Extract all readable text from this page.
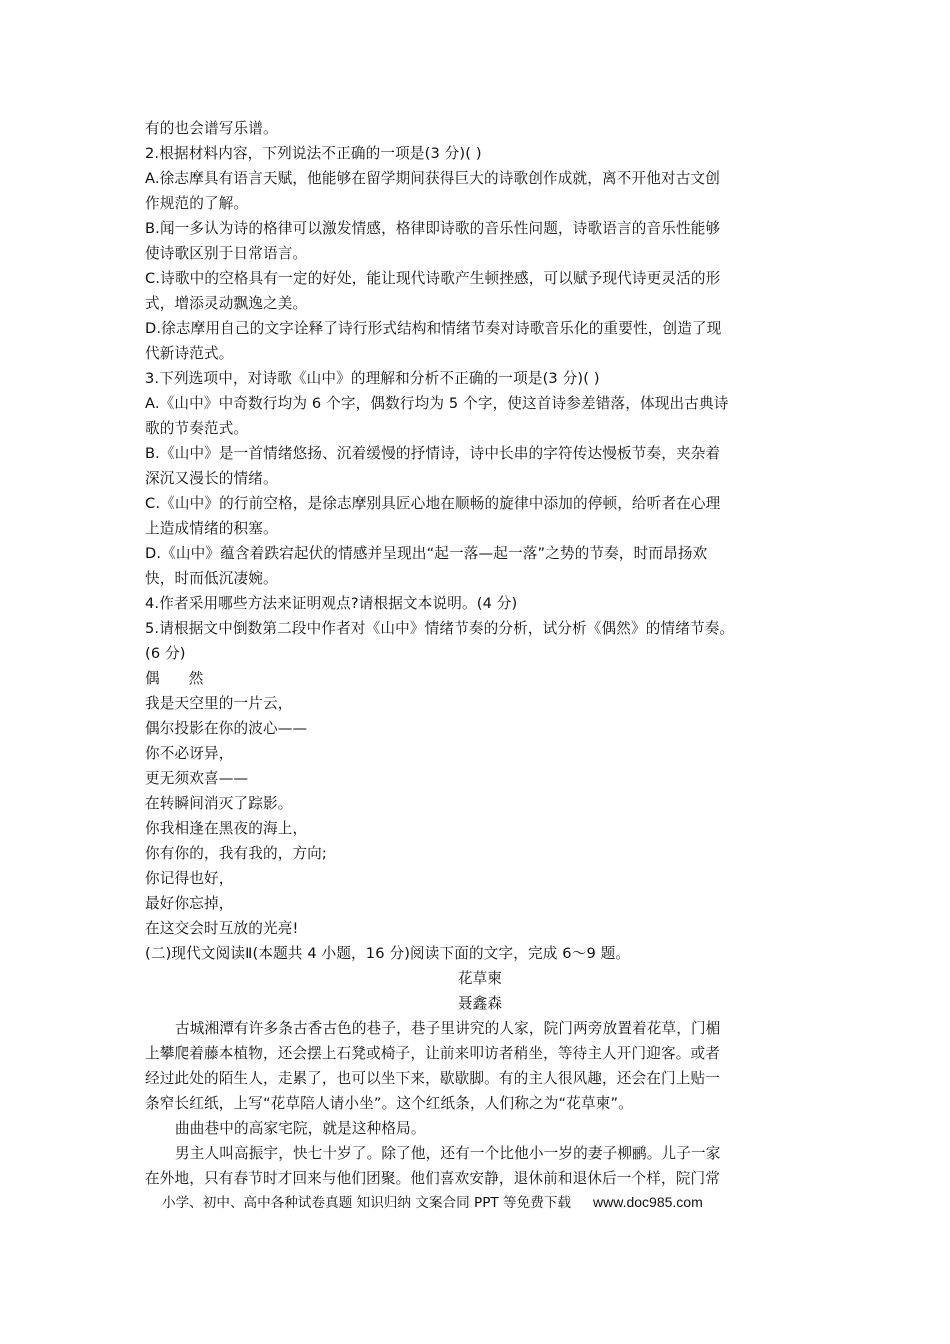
有的也会谱写乐谱。
2.根据材料内容，下列说法不正确的一项是(3 分)( )
A.徐志摩具有语言天赋，他能够在留学期间获得巨大的诗歌创作成就，离不开他对古文创
作规范的了解。
B.闻一多认为诗的格律可以激发情感，格律即诗歌的音乐性问题，诗歌语言的音乐性能够
使诗歌区别于日常语言。
C.诗歌中的空格具有一定的好处，能让现代诗歌产生顿挫感，可以赋予现代诗更灵活的形
式，增添灵动飘逸之美。
D.徐志摩用自己的文字诠释了诗行形式结构和情绪节奏对诗歌音乐化的重要性，创造了现
代新诗范式。
3.下列选项中，对诗歌《山中》的理解和分析不正确的一项是(3 分)( )
A.《山中》中奇数行均为 6 个字，偶数行均为 5 个字，使这首诗参差错落，体现出古典诗
歌的节奏范式。
B.《山中》是一首情绪悠扬、沉着缓慢的抒情诗，诗中长串的字符传达慢板节奏，夹杂着
深沉又漫长的情绪。
C.《山中》的行前空格，是徐志摩别具匠心地在顺畅的旋律中添加的停顿，给听者在心理
上造成情绪的积塞。
D.《山中》蕴含着跌宕起伏的情感并呈现出“起一落—起一落”之势的节奏，时而昂扬欢
快，时而低沉凄婉。
4.作者采用哪些方法来证明观点?请根据文本说明。(4 分)
5.请根据文中倒数第二段中作者对《山中》情绪节奏的分析，试分析《偶然》的情绪节奏。
(6 分)
偶　　然
我是天空里的一片云，
偶尔投影在你的波心——
你不必讶异，
更无须欢喜——
在转瞬间消灭了踪影。
你我相逢在黑夜的海上，
你有你的，我有我的，方向;
你记得也好，
最好你忘掉，
在这交会时互放的光亮!
(二)现代文阅读Ⅱ(本题共 4 小题，16 分)阅读下面的文字，完成 6～9 题。
花草柬
聂鑫森
古城湘潭有许多条古香古色的巷子，巷子里讲究的人家，院门两旁放置着花草，门楣
上攀爬着藤本植物，还会摆上石凳或椅子，让前来叩访者稍坐，等待主人开门迎客。或者
经过此处的陌生人，走累了，也可以坐下来，歇歇脚。有的主人很风趣，还会在门上贴一
条窄长红纸，上写“花草陪人请小坐”。这个红纸条，人们称之为“花草柬”。
曲曲巷中的高家宅院，就是这种格局。
男主人叫高振宇，快七十岁了。除了他，还有一个比他小一岁的妻子柳鹂。儿子一家
在外地，只有春节时才回来与他们团聚。他们喜欢安静，退休前和退休后一个样，院门常
小学、初中、高中各种试卷真题 知识归纳 文案合同 PPT 等免费下载 www.doc985.com
